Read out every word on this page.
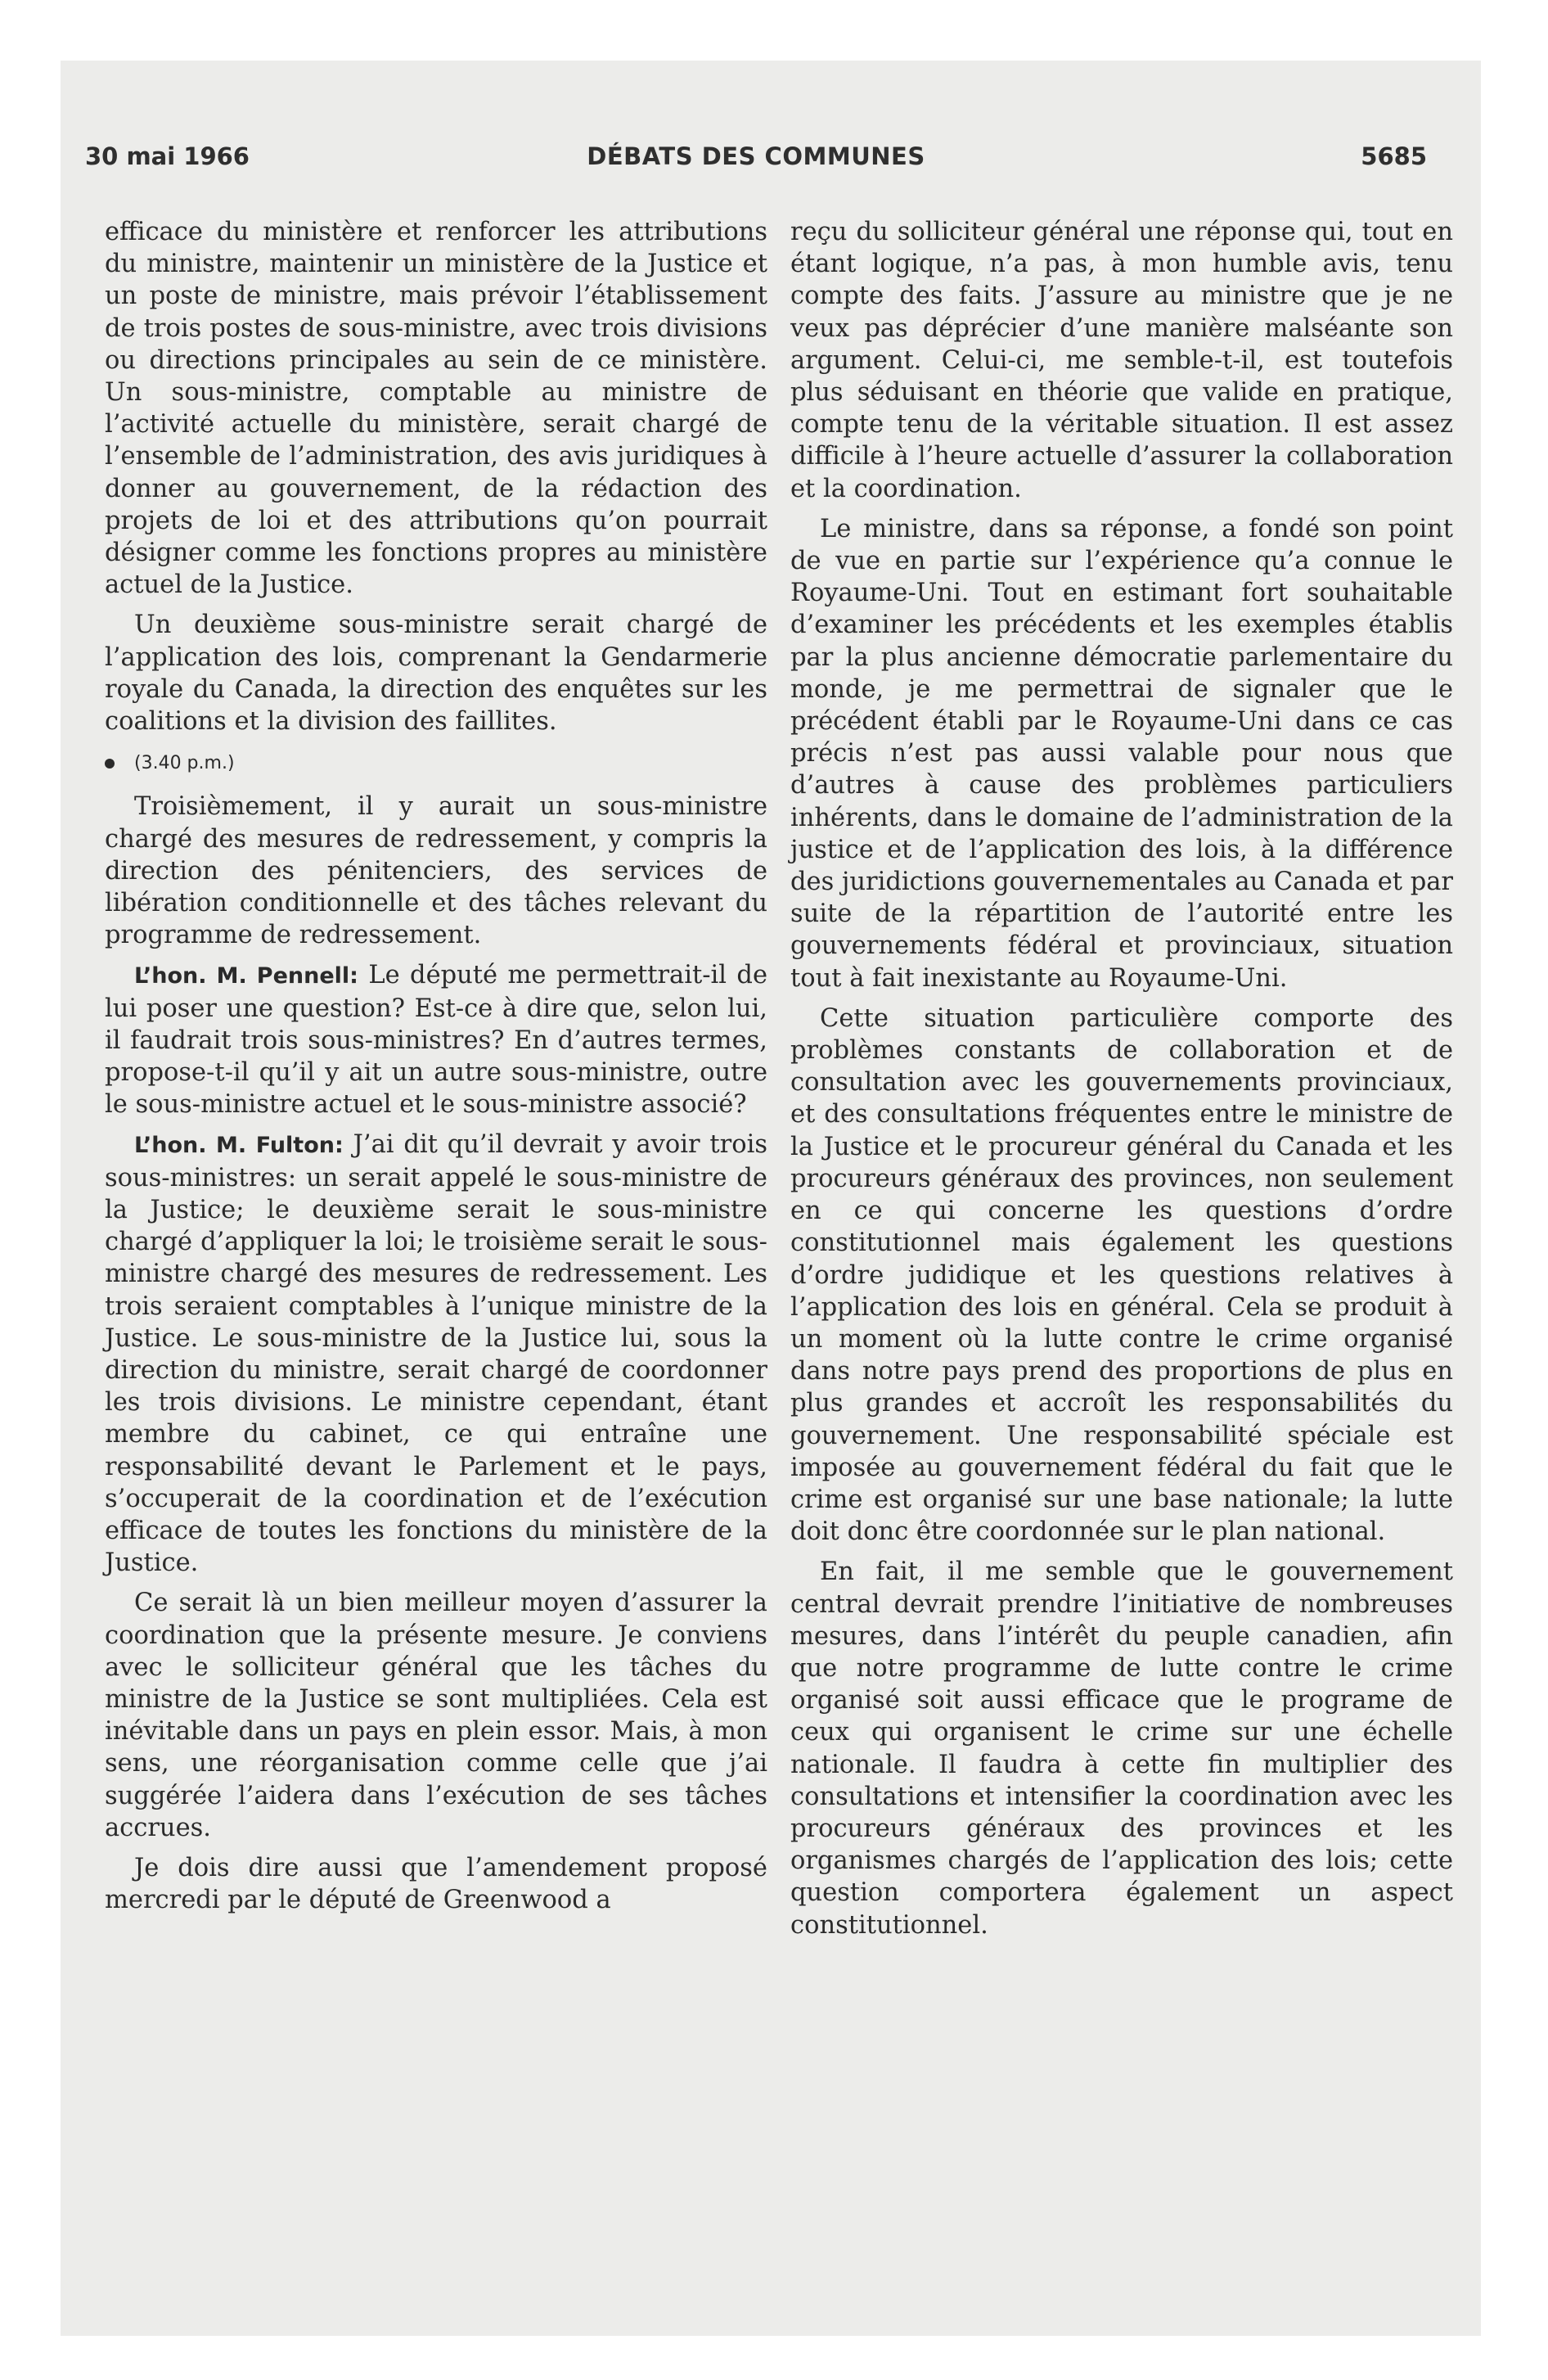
30 mai 1966	DÉBATS DES COMMUNES	5685

efficace du ministère et renforcer les attributions du ministre, maintenir un ministère de la Justice et un poste de ministre, mais prévoir l’établissement de trois postes de sous-ministre, avec trois divisions ou directions principales au sein de ce ministère. Un sous-ministre, comptable au ministre de l’activité actuelle du ministère, serait chargé de l’ensemble de l’administration, des avis juridiques à donner au gouvernement, de la rédaction des projets de loi et des attributions qu’on pourrait désigner comme les fonctions propres au ministère actuel de la Justice.

Un deuxième sous-ministre serait chargé de l’application des lois, comprenant la Gendarmerie royale du Canada, la direction des enquêtes sur les coalitions et la division des faillites.

(3.40 p.m.)

Troisièmement, il y aurait un sous-ministre chargé des mesures de redressement, y compris la direction des pénitenciers, des services de libération conditionnelle et des tâches relevant du programme de redressement.

L’hon. M. Pennell: Le député me permettrait-il de lui poser une question? Est-ce à dire que, selon lui, il faudrait trois sous-ministres? En d’autres termes, propose-t-il qu’il y ait un autre sous-ministre, outre le sous-ministre actuel et le sous-ministre associé?

L’hon. M. Fulton: J’ai dit qu’il devrait y avoir trois sous-ministres: un serait appelé le sous-ministre de la Justice; le deuxième serait le sous-ministre chargé d’appliquer la loi; le troisième serait le sous-ministre chargé des mesures de redressement. Les trois seraient comptables à l’unique ministre de la Justice. Le sous-ministre de la Justice lui, sous la direction du ministre, serait chargé de coordonner les trois divisions. Le ministre cependant, étant membre du cabinet, ce qui entraîne une responsabilité devant le Parlement et le pays, s’occuperait de la coordination et de l’exécution efficace de toutes les fonctions du ministère de la Justice.

Ce serait là un bien meilleur moyen d’assurer la coordination que la présente mesure. Je conviens avec le solliciteur général que les tâches du ministre de la Justice se sont multipliées. Cela est inévitable dans un pays en plein essor. Mais, à mon sens, une réorganisation comme celle que j’ai suggérée l’aidera dans l’exécution de ses tâches accrues.

Je dois dire aussi que l’amendement proposé mercredi par le député de Greenwood a

reçu du solliciteur général une réponse qui, tout en étant logique, n’a pas, à mon humble avis, tenu compte des faits. J’assure au ministre que je ne veux pas déprécier d’une manière malséante son argument. Celui-ci, me semble-t-il, est toutefois plus séduisant en théorie que valide en pratique, compte tenu de la véritable situation. Il est assez difficile à l’heure actuelle d’assurer la collaboration et la coordination.

Le ministre, dans sa réponse, a fondé son point de vue en partie sur l’expérience qu’a connue le Royaume-Uni. Tout en estimant fort souhaitable d’examiner les précédents et les exemples établis par la plus ancienne démocratie parlementaire du monde, je me permettrai de signaler que le précédent établi par le Royaume-Uni dans ce cas précis n’est pas aussi valable pour nous que d’autres à cause des problèmes particuliers inhérents, dans le domaine de l’administration de la justice et de l’application des lois, à la différence des juridictions gouvernementales au Canada et par suite de la répartition de l’autorité entre les gouvernements fédéral et provinciaux, situation tout à fait inexistante au Royaume-Uni.

Cette situation particulière comporte des problèmes constants de collaboration et de consultation avec les gouvernements provinciaux, et des consultations fréquentes entre le ministre de la Justice et le procureur général du Canada et les procureurs généraux des provinces, non seulement en ce qui concerne les questions d’ordre constitutionnel mais également les questions d’ordre judidique et les questions relatives à l’application des lois en général. Cela se produit à un moment où la lutte contre le crime organisé dans notre pays prend des proportions de plus en plus grandes et accroît les responsabilités du gouvernement. Une responsabilité spéciale est imposée au gouvernement fédéral du fait que le crime est organisé sur une base nationale; la lutte doit donc être coordonnée sur le plan national.

En fait, il me semble que le gouvernement central devrait prendre l’initiative de nombreuses mesures, dans l’intérêt du peuple canadien, afin que notre programme de lutte contre le crime organisé soit aussi efficace que le programe de ceux qui organisent le crime sur une échelle nationale. Il faudra à cette fin multiplier des consultations et intensifier la coordination avec les procureurs généraux des provinces et les organismes chargés de l’application des lois; cette question comportera également un aspect constitutionnel.
